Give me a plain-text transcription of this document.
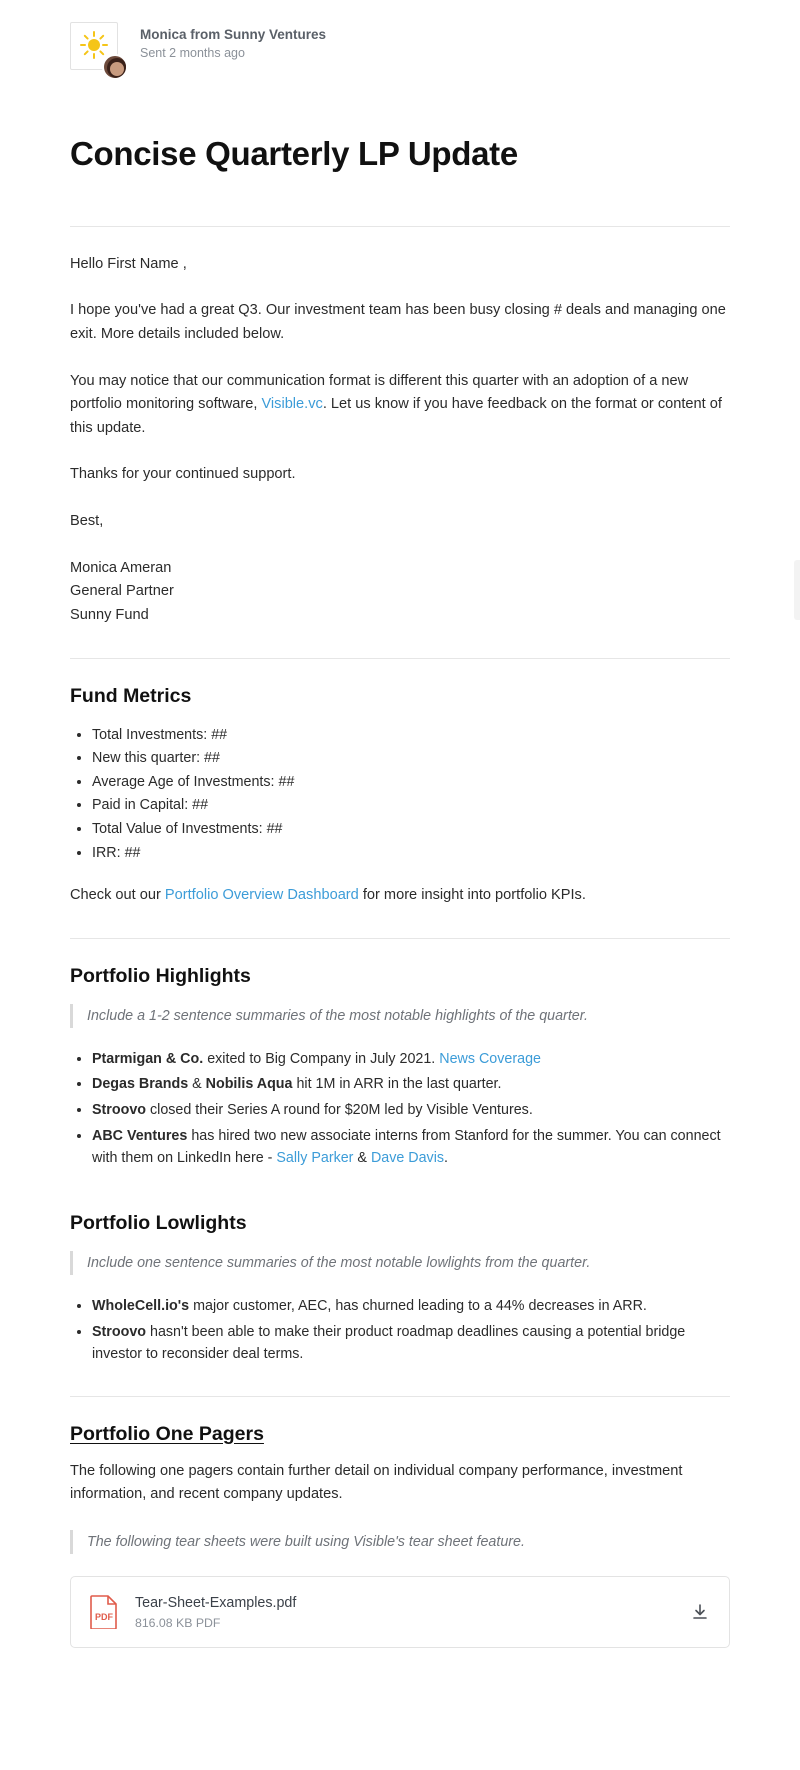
Monica from Sunny Ventures
Sent 2 months ago
Concise Quarterly LP Update

Hello First Name ,

I hope you've had a great Q3. Our investment team has been busy closing # deals and managing one exit. More details included below.

You may notice that our communication format is different this quarter with an adoption of a new portfolio monitoring software, Visible.vc. Let us know if you have feedback on the format or content of this update.

Thanks for your continued support.

Best,

Monica Ameran
General Partner
Sunny Fund
Fund Metrics
• Total Investments: ##
• New this quarter: ##
• Average Age of Investments: ##
• Paid in Capital: ##
• Total Value of Investments: ##
• IRR: ##

Check out our Portfolio Overview Dashboard for more insight into portfolio KPIs.

Portfolio Highlights
Include a 1-2 sentence summaries of the most notable highlights of the quarter.
• Ptarmigan & Co. exited to Big Company in July 2021. News Coverage
• Degas Brands & Nobilis Aqua hit 1M in ARR in the last quarter.
• Stroovo closed their Series A round for $20M led by Visible Ventures.
• ABC Ventures has hired two new associate interns from Stanford for the summer. You can connect with them on LinkedIn here - Sally Parker & Dave Davis.
Portfolio Lowlights
Include one sentence summaries of the most notable lowlights from the quarter.
• WholeCell.io's major customer, AEC, has churned leading to a 44% decreases in ARR.
• Stroovo hasn't been able to make their product roadmap deadlines causing a potential bridge investor to reconsider deal terms.
Portfolio One Pagers

The following one pagers contain further detail on individual company performance, investment information, and recent company updates.

The following tear sheets were built using Visible's tear sheet feature.
PDF
Tear-Sheet-Examples.pdf
816.08 KB PDF
